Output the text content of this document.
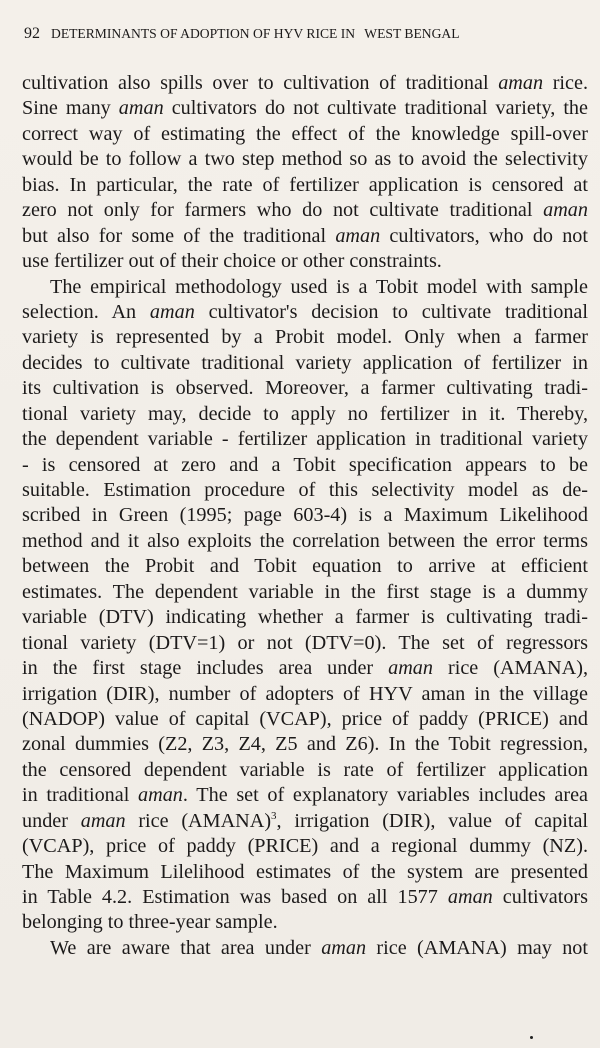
92 DETERMINANTS OF ADOPTION OF HYV RICE IN WEST BENGAL
cultivation also spills over to cultivation of traditional aman rice.
Sine many aman cultivators do not cultivate traditional variety, the
correct way of estimating the effect of the knowledge spill-over
would be to follow a two step method so as to avoid the selectivity
bias. In particular, the rate of fertilizer application is censored at
zero not only for farmers who do not cultivate traditional aman
but also for some of the traditional aman cultivators, who do not
use fertilizer out of their choice or other constraints.
The empirical methodology used is a Tobit model with sample
selection. An aman cultivator's decision to cultivate traditional
variety is represented by a Probit model. Only when a farmer
decides to cultivate traditional variety application of fertilizer in
its cultivation is observed. Moreover, a farmer cultivating tradi-
tional variety may, decide to apply no fertilizer in it. Thereby,
the dependent variable - fertilizer application in traditional variety
- is censored at zero and a Tobit specification appears to be
suitable. Estimation procedure of this selectivity model as de-
scribed in Green (1995; page 603-4) is a Maximum Likelihood
method and it also exploits the correlation between the error terms
between the Probit and Tobit equation to arrive at efficient
estimates. The dependent variable in the first stage is a dummy
variable (DTV) indicating whether a farmer is cultivating tradi-
tional variety (DTV=1) or not (DTV=0). The set of regressors
in the first stage includes area under aman rice (AMANA),
irrigation (DIR), number of adopters of HYV aman in the village
(NADOP) value of capital (VCAP), price of paddy (PRICE) and
zonal dummies (Z2, Z3, Z4, Z5 and Z6). In the Tobit regression,
the censored dependent variable is rate of fertilizer application
in traditional aman. The set of explanatory variables includes area
under aman rice (AMANA)$^3$, irrigation (DIR), value of capital
(VCAP), price of paddy (PRICE) and a regional dummy (NZ).
The Maximum Lilelihood estimates of the system are presented
in Table 4.2. Estimation was based on all 1577 aman cultivators
belonging to three-year sample.
We are aware that area under aman rice (AMANA) may not
